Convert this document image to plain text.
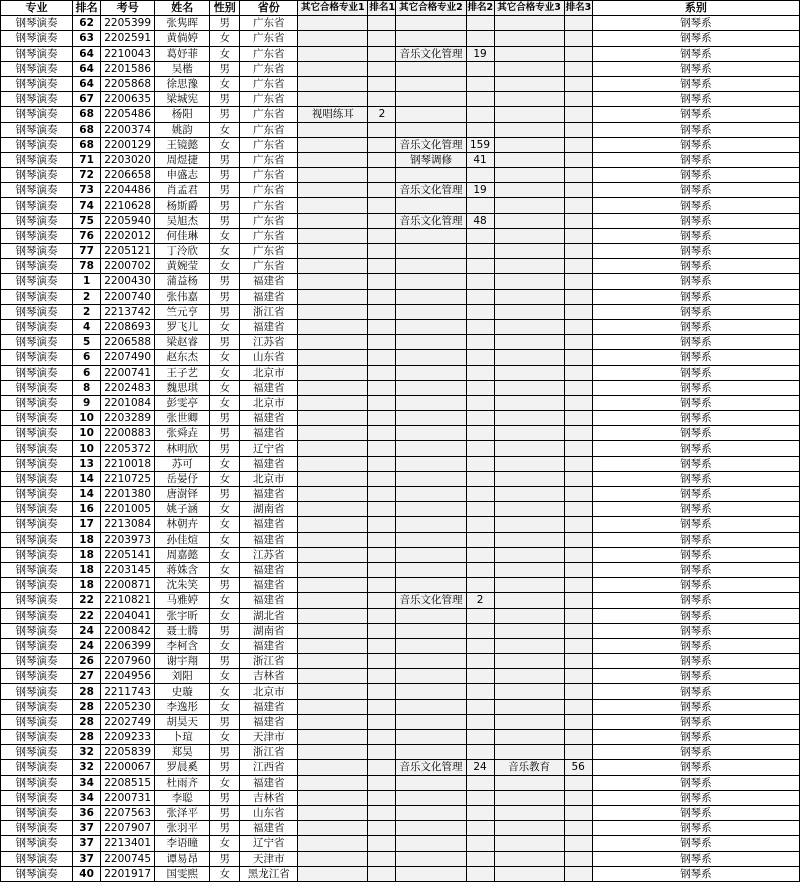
专业	排名	考号	姓名	性别	省份	其它合格专业1	排名1	其它合格专业2	排名2	其它合格专业3	排名3	系别
钢琴演奏	62	2205399	张隽晖	男	广东省							钢琴系
钢琴演奏	63	2202591	黄倘婷	女	广东省							钢琴系
钢琴演奏	64	2210043	葛妤菲	女	广东省			音乐文化管理	19			钢琴系
钢琴演奏	64	2201586	吴楷	男	广东省							钢琴系
钢琴演奏	64	2205868	徐思豫	女	广东省							钢琴系
钢琴演奏	67	2200635	梁城宪	男	广东省							钢琴系
钢琴演奏	68	2205486	杨阳	男	广东省	视唱练耳	2					钢琴系
钢琴演奏	68	2200374	姚韵	女	广东省							钢琴系
钢琴演奏	68	2200129	王镜懿	女	广东省			音乐文化管理	159			钢琴系
钢琴演奏	71	2203020	周煜捷	男	广东省			钢琴调修	41			钢琴系
钢琴演奏	72	2206658	申盛志	男	广东省							钢琴系
钢琴演奏	73	2204486	肖孟君	男	广东省			音乐文化管理	19			钢琴系
钢琴演奏	74	2210628	杨斯爵	男	广东省							钢琴系
钢琴演奏	75	2205940	吴旭杰	男	广东省			音乐文化管理	48			钢琴系
钢琴演奏	76	2202012	何佳琳	女	广东省							钢琴系
钢琴演奏	77	2205121	丁泠欣	女	广东省							钢琴系
钢琴演奏	78	2200702	黄婉莹	女	广东省							钢琴系
钢琴演奏	1	2200430	蒲益杨	男	福建省							钢琴系
钢琴演奏	2	2200740	张伟嘉	男	福建省							钢琴系
钢琴演奏	2	2213742	竺元亨	男	浙江省							钢琴系
钢琴演奏	4	2208693	罗飞儿	女	福建省							钢琴系
钢琴演奏	5	2206588	梁赵睿	男	江苏省							钢琴系
钢琴演奏	6	2207490	赵东杰	女	山东省							钢琴系
钢琴演奏	6	2200741	王子艺	女	北京市							钢琴系
钢琴演奏	8	2202483	魏思琪	女	福建省							钢琴系
钢琴演奏	9	2201084	彭雯亭	女	北京市							钢琴系
钢琴演奏	10	2203289	张世卿	男	福建省							钢琴系
钢琴演奏	10	2200883	张舜垚	男	福建省							钢琴系
钢琴演奏	10	2205372	林明欣	男	辽宁省							钢琴系
钢琴演奏	13	2210018	苏可	女	福建省							钢琴系
钢琴演奏	14	2210725	岳晏伃	女	北京市							钢琴系
钢琴演奏	14	2201380	唐澍铎	男	福建省							钢琴系
钢琴演奏	16	2201005	姚子涵	女	湖南省							钢琴系
钢琴演奏	17	2213084	林朝卉	女	福建省							钢琴系
钢琴演奏	18	2203973	孙佳煊	女	福建省							钢琴系
钢琴演奏	18	2205141	周嘉懿	女	江苏省							钢琴系
钢琴演奏	18	2203145	蒋姝含	女	福建省							钢琴系
钢琴演奏	18	2200871	沈朱笑	男	福建省							钢琴系
钢琴演奏	22	2210821	马雅婷	女	福建省			音乐文化管理	2			钢琴系
钢琴演奏	22	2204041	张宇昕	女	湖北省							钢琴系
钢琴演奏	24	2200842	聂士腾	男	湖南省							钢琴系
钢琴演奏	24	2206399	李柯含	女	福建省							钢琴系
钢琴演奏	26	2207960	谢宇翔	男	浙江省							钢琴系
钢琴演奏	27	2204956	刘阳	女	吉林省							钢琴系
钢琴演奏	28	2211743	史璇	女	北京市							钢琴系
钢琴演奏	28	2205230	李逸彤	女	福建省							钢琴系
钢琴演奏	28	2202749	胡昊天	男	福建省							钢琴系
钢琴演奏	28	2209233	卜瑄	女	天津市							钢琴系
钢琴演奏	32	2205839	郑昊	男	浙江省							钢琴系
钢琴演奏	32	2200067	罗晨奚	男	江西省			音乐文化管理	24	音乐教育	56	钢琴系
钢琴演奏	34	2208515	杜雨齐	女	福建省							钢琴系
钢琴演奏	34	2200731	李聪	男	吉林省							钢琴系
钢琴演奏	36	2207563	张泽平	男	山东省							钢琴系
钢琴演奏	37	2207907	张羽平	男	福建省							钢琴系
钢琴演奏	37	2213401	李语瞳	女	辽宁省							钢琴系
钢琴演奏	37	2200745	谭易昂	男	天津市							钢琴系
钢琴演奏	40	2201917	国雯熙	女	黑龙江省							钢琴系
